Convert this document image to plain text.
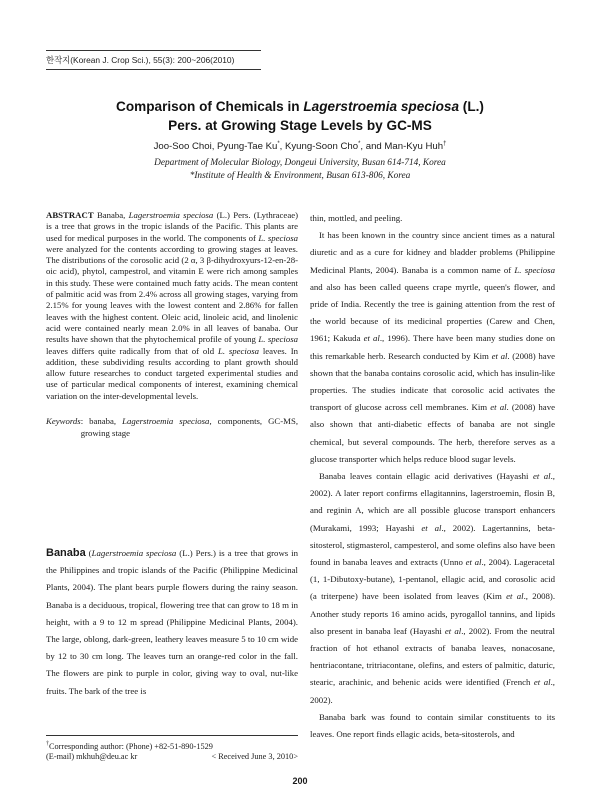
한작지(Korean J. Crop Sci.), 55(3): 200~206(2010)
Comparison of Chemicals in Lagerstroemia speciosa (L.)
Pers. at Growing Stage Levels by GC-MS
Joo-Soo Choi, Pyung-Tae Ku*, Kyung-Soon Cho*, and Man-Kyu Huh†
Department of Molecular Biology, Dongeui University, Busan 614-714, Korea
*Institute of Health & Environment, Busan 613-806, Korea

ABSTRACT Banaba, Lagerstroemia speciosa (L.) Pers. (Lythraceae) is a tree that grows in the tropic islands of the Pacific. This plants are used for medical purposes in the world. The components of L. speciosa were analyzed for the contents according to growing stages at leaves. The distributions of the corosolic acid (2 α, 3 β-dihydroxyurs-12-en-28-oic acid), phytol, campestrol, and vitamin E were rich among samples in this study. These were contained much fatty acids. The mean content of palmitic acid was from 2.4% across all growing stages, varying from 2.15% for young leaves with the lowest content and 2.86% for fallen leaves with the highest content. Oleic acid, linoleic acid, and linolenic acid were contained nearly mean 2.0% in all leaves of banaba. Our results have shown that the phytochemical profile of young L. speciosa leaves differs quite radically from that of old L. speciosa leaves. In addition, these subdividing results according to plant growth should allow future researches to conduct targeted experimental studies and use of particular medical components of interest, examining chemical variation on the inter-developmental levels.

Keywords : banaba, Lagerstroemia speciosa, components, GC-MS, growing stage

Banaba (Lagerstroemia speciosa (L.) Pers.) is a tree that grows in the Philippines and tropic islands of the Pacific (Philippine Medicinal Plants, 2004). The plant bears purple flowers during the rainy season. Banaba is a deciduous, tropical, flowering tree that can grow to 18 m in height, with a 9 to 12 m spread (Philippine Medicinal Plants, 2004). The large, oblong, dark-green, leathery leaves measure 5 to 10 cm wide by 12 to 30 cm long. The leaves turn an orange-red color in the fall. The flowers are pink to purple in color, giving way to oval, nut-like fruits. The bark of the tree is

thin, mottled, and peeling.

It has been known in the country since ancient times as a natural diuretic and as a cure for kidney and bladder problems (Philippine Medicinal Plants, 2004). Banaba is a common name of L. speciosa and also has been called queens crape myrtle, queen's flower, and pride of India. Recently the tree is gaining attention from the rest of the world because of its medicinal properties (Carew and Chen, 1961; Kakuda et al., 1996). There have been many studies done on this remarkable herb. Research conducted by Kim et al. (2008) have shown that the banaba contains corosolic acid, which has insulin-like properties. The studies indicate that corosolic acid activates the transport of glucose across cell membranes. Kim et al. (2008) have also shown that anti-diabetic effects of banaba are not single chemical, but several compounds. The herb, therefore serves as a glucose transporter which helps reduce blood sugar levels.

Banaba leaves contain ellagic acid derivatives (Hayashi et al., 2002). A later report confirms ellagitannins, lagerstroemin, flosin B, and reginin A, which are all possible glucose transport enhancers (Murakami, 1993; Hayashi et al., 2002). Lagertannins, beta-sitosterol, stigmasterol, campesterol, and some olefins also have been found in banaba leaves and extracts (Unno et al., 2004). Lageracetal (1, 1-Dibutoxy-butane), 1-pentanol, ellagic acid, and corosolic acid (a triterpene) have been isolated from leaves (Kim et al., 2008). Another study reports 16 amino acids, pyrogallol tannins, and lipids also present in banaba leaf (Hayashi et al., 2002). From the neutral fraction of hot ethanol extracts of banaba leaves, nonacosane, hentriacontane, tritriacontane, olefins, and esters of palmitic, daturic, stearic, arachinic, and behenic acids were identified (French et al., 2002).

Banaba bark was found to contain similar constituents to its leaves. One report finds ellagic acids, beta-sitosterols, and

†Corresponding author: (Phone) +82-51-890-1529
(E-mail) mkhuh@deu.ac kr	< Received June 3, 2010>
200
